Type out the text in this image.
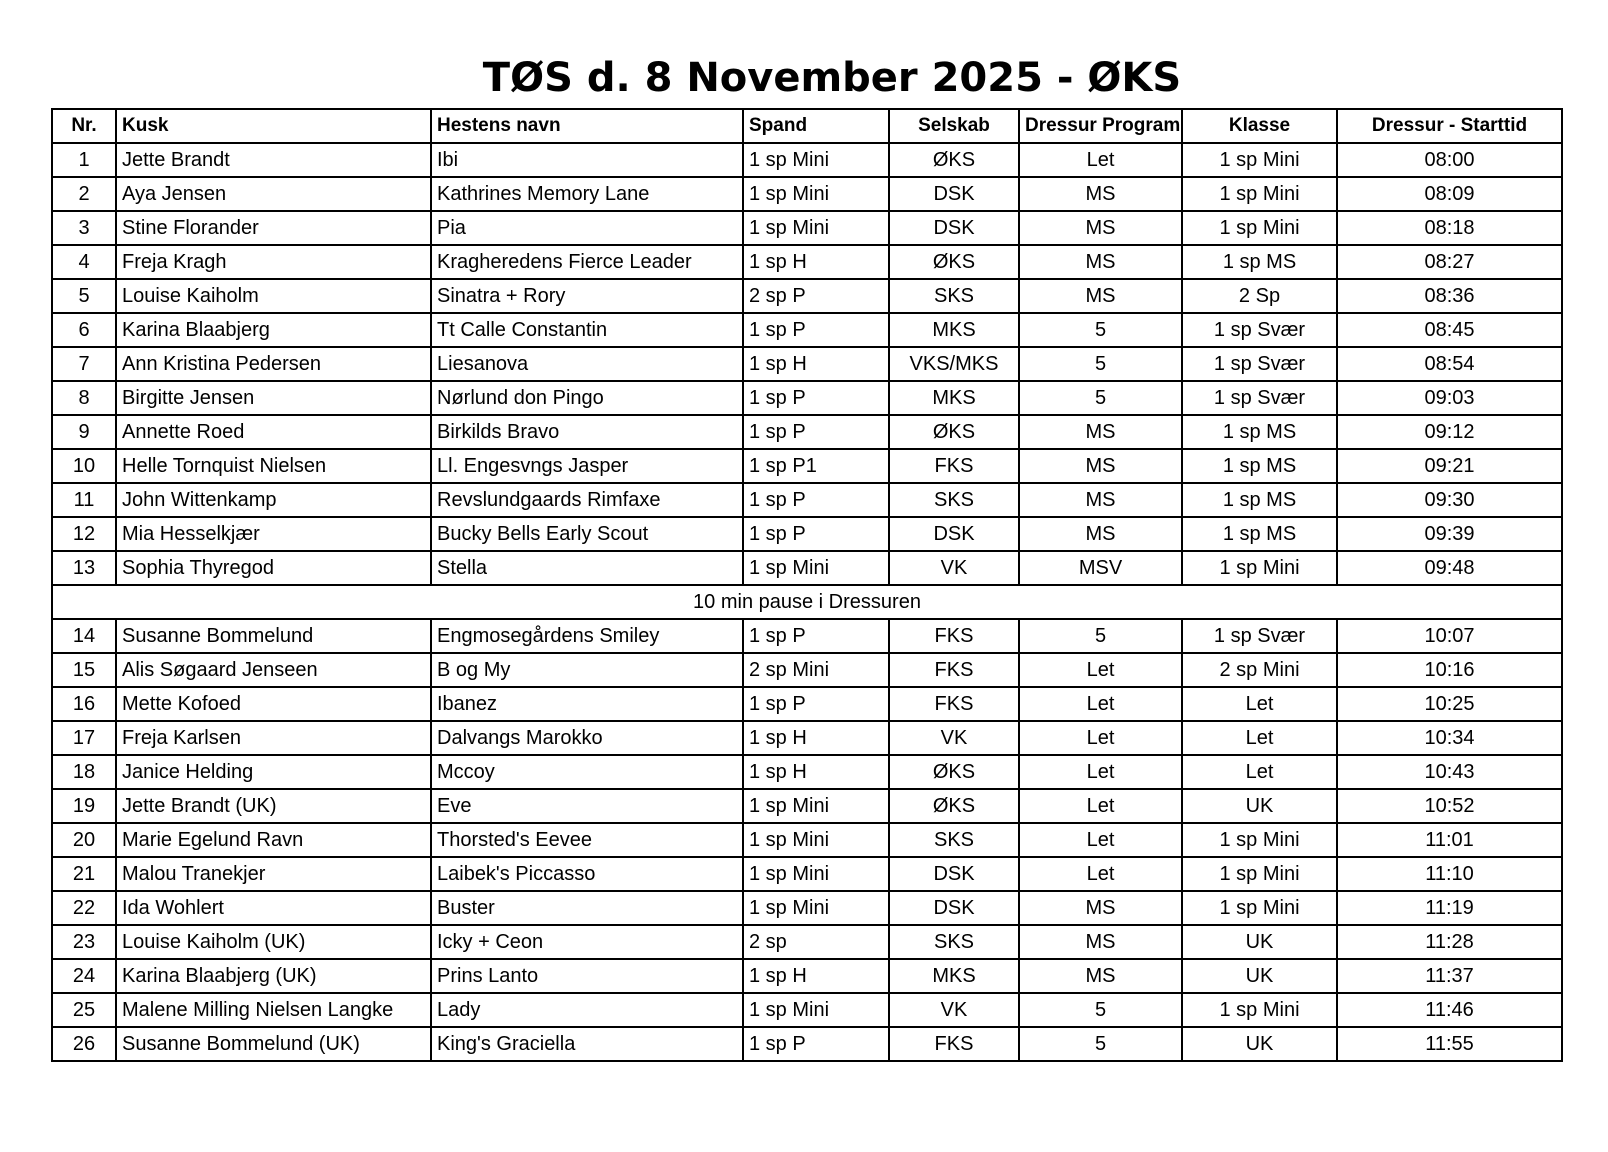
TØS d. 8 November 2025 - ØKS
Nr.	Kusk	Hestens navn	Spand	Selskab	Dressur Program	Klasse	Dressur - Starttid
1	Jette Brandt	Ibi	1 sp Mini	ØKS	Let	1 sp Mini	08:00
2	Aya Jensen	Kathrines Memory Lane	1 sp Mini	DSK	MS	1 sp Mini	08:09
3	Stine Florander	Pia	1 sp Mini	DSK	MS	1 sp Mini	08:18
4	Freja Kragh	Kragheredens Fierce Leader	1 sp H	ØKS	MS	1 sp MS	08:27
5	Louise Kaiholm	Sinatra + Rory	2 sp P	SKS	MS	2 Sp	08:36
6	Karina Blaabjerg	Tt Calle Constantin	1 sp P	MKS	5	1 sp Svær	08:45
7	Ann Kristina Pedersen	Liesanova	1 sp H	VKS/MKS	5	1 sp Svær	08:54
8	Birgitte Jensen	Nørlund don Pingo	1 sp P	MKS	5	1 sp Svær	09:03
9	Annette Roed	Birkilds Bravo	1 sp P	ØKS	MS	1 sp MS	09:12
10	Helle Tornquist Nielsen	Ll. Engesvngs Jasper	1 sp P1	FKS	MS	1 sp MS	09:21
11	John Wittenkamp	Revslundgaards Rimfaxe	1 sp P	SKS	MS	1 sp MS	09:30
12	Mia Hesselkjær	Bucky Bells Early Scout	1 sp P	DSK	MS	1 sp MS	09:39
13	Sophia Thyregod	Stella	1 sp Mini	VK	MSV	1 sp Mini	09:48
10 min pause i Dressuren							
14	Susanne Bommelund	Engmosegårdens Smiley	1 sp P	FKS	5	1 sp Svær	10:07
15	Alis Søgaard Jenseen	B og My	2 sp Mini	FKS	Let	2 sp Mini	10:16
16	Mette Kofoed	Ibanez	1 sp P	FKS	Let	Let	10:25
17	Freja Karlsen	Dalvangs Marokko	1 sp H	VK	Let	Let	10:34
18	Janice Helding	Mccoy	1 sp H	ØKS	Let	Let	10:43
19	Jette Brandt (UK)	Eve	1 sp Mini	ØKS	Let	UK	10:52
20	Marie Egelund Ravn	Thorsted's Eevee	1 sp Mini	SKS	Let	1 sp Mini	11:01
21	Malou Tranekjer	Laibek's Piccasso	1 sp Mini	DSK	Let	1 sp Mini	11:10
22	Ida Wohlert	Buster	1 sp Mini	DSK	MS	1 sp Mini	11:19
23	Louise Kaiholm (UK)	Icky + Ceon	2 sp	SKS	MS	UK	11:28
24	Karina Blaabjerg (UK)	Prins Lanto	1 sp H	MKS	MS	UK	11:37
25	Malene Milling Nielsen Langke	Lady	1 sp Mini	VK	5	1 sp Mini	11:46
26	Susanne Bommelund (UK)	King's Graciella	1 sp P	FKS	5	UK	11:55
